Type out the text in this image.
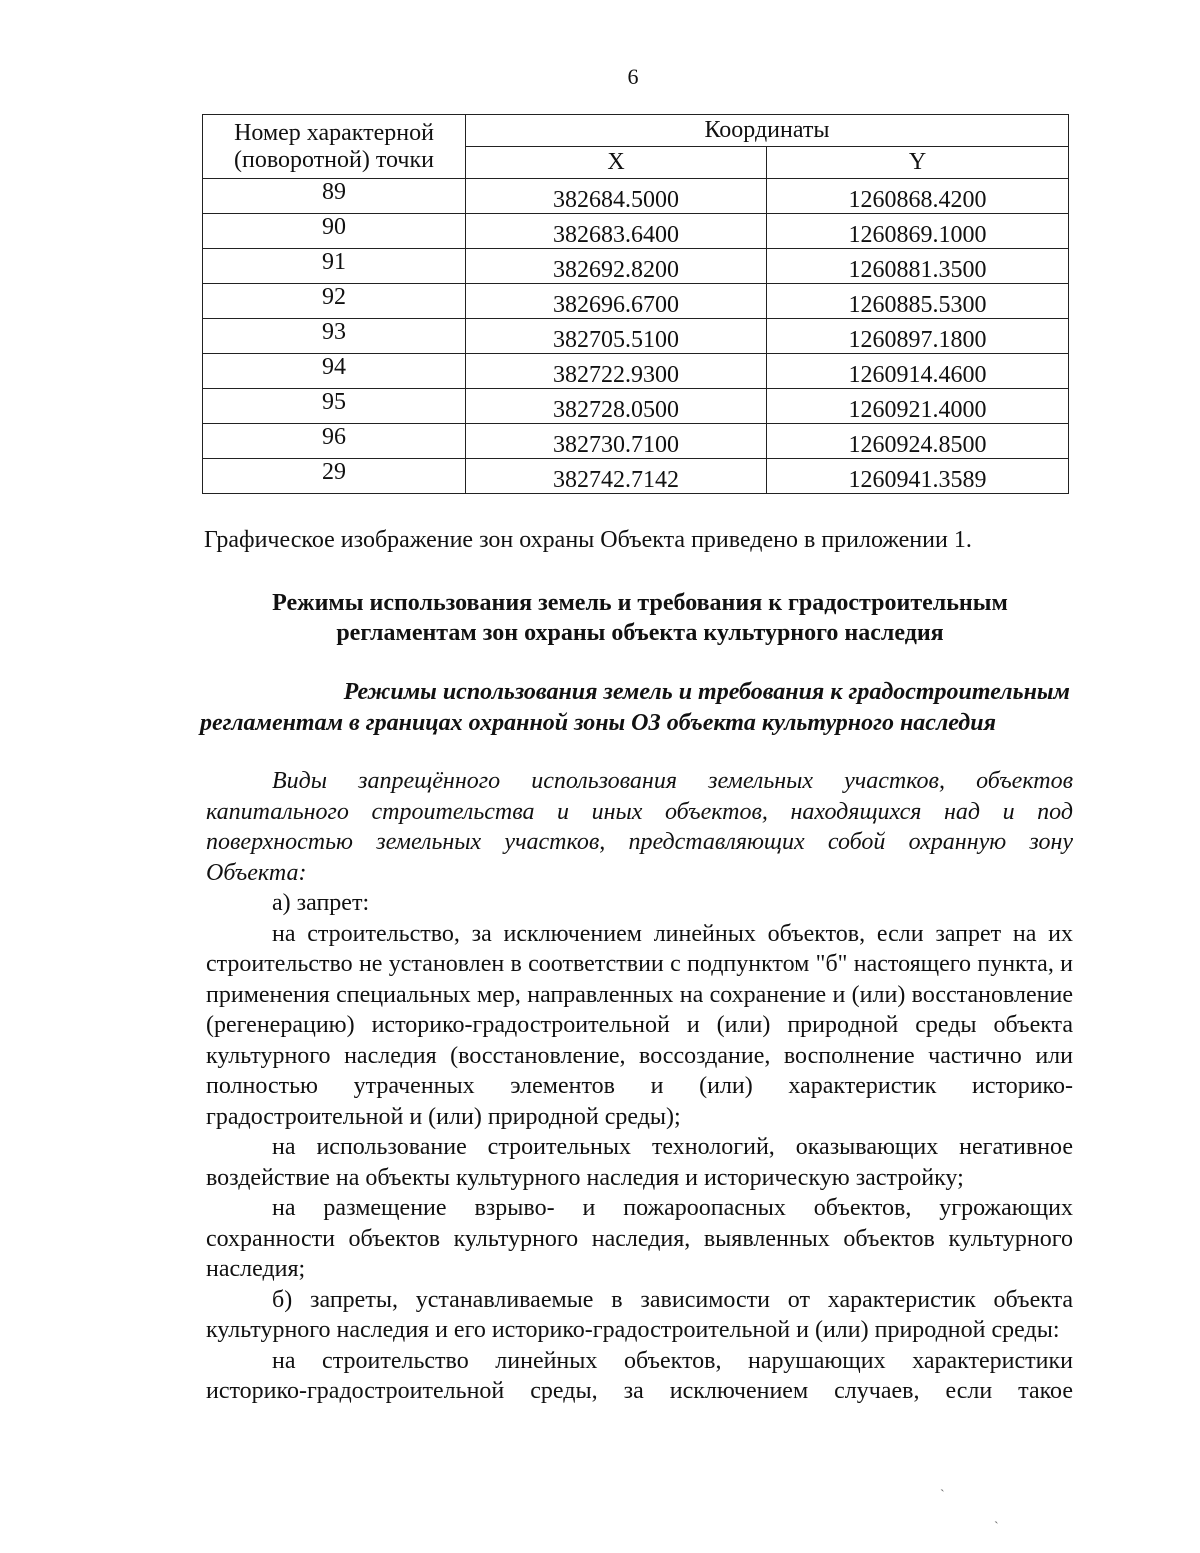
6
Номер характерной
(поворотной) точки	Координаты	
	X	Y
89	382684.5000	1260868.4200
90	382683.6400	1260869.1000
91	382692.8200	1260881.3500
92	382696.6700	1260885.5300
93	382705.5100	1260897.1800
94	382722.9300	1260914.4600
95	382728.0500	1260921.4000
96	382730.7100	1260924.8500
29	382742.7142	1260941.3589
Графическое изображение зон охраны Объекта приведено в приложении 1.
Режимы использования земель и требования к градостроительным
регламентам зон охраны объекта культурного наследия
Режимы использования земель и требования к градостроительным
регламентам в границах охранной зоны ОЗ объекта культурного наследия

Виды запрещённого использования земельных участков, объектов капитального строительства и иных объектов, находящихся над и под поверхностью земельных участков, представляющих собой охранную зону Объекта:

а) запрет:

на строительство, за исключением линейных объектов, если запрет на их строительство не установлен в соответствии с подпунктом "б" настоящего пункта, и применения специальных мер, направленных на сохранение и (или) восстановление (регенерацию) историко-градостроительной и (или) природной среды объекта культурного наследия (восстановление, воссоздание, восполнение частично или полностью утраченных элементов и (или) характеристик историко-градостроительной и (или) природной среды);

на использование строительных технологий, оказывающих негативное воздействие на объекты культурного наследия и историческую застройку;

на размещение взрыво- и пожароопасных объектов, угрожающих сохранности объектов культурного наследия, выявленных объектов культурного наследия;

б) запреты, устанавливаемые в зависимости от характеристик объекта культурного наследия и его историко-градостроительной и (или) природной среды:

на строительство линейных объектов, нарушающих характеристики историко-градостроительной среды, за исключением случаев, если такое

ˋ
ˋ
